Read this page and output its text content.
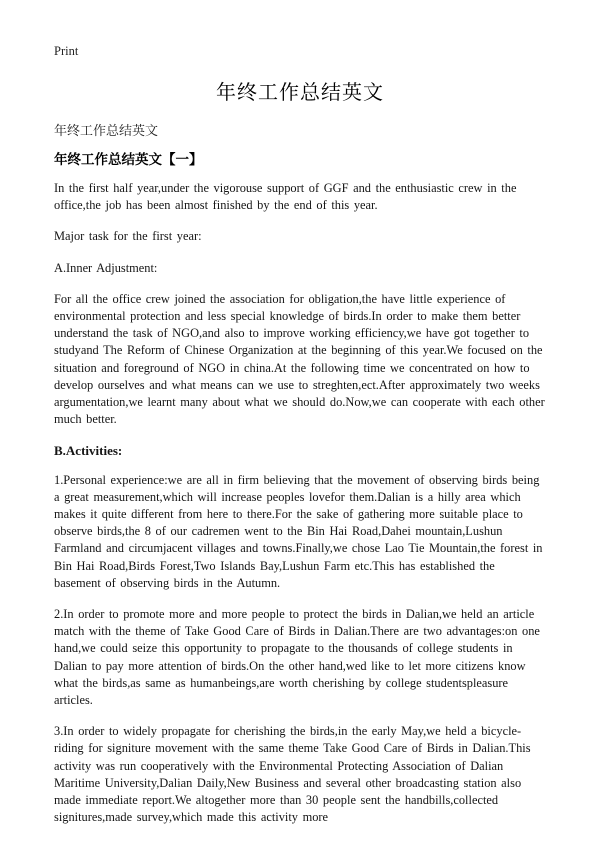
Print
年终工作总结英文
年终工作总结英文
年终工作总结英文【一】

In the first half year,under the vigorouse support of GGF and the enthusiastic crew in the office,the job has been almost finished by the end of this year.

Major task for the first year:

A.Inner Adjustment:

For all the office crew joined the association for obligation,the have little experience of environmental protection and less special knowledge of birds.In order to make them better understand the task of NGO,and also to improve working efficiency,we have got together to studyand The Reform of Chinese Organization at the beginning of this year.We focused on the situation and foreground of NGO in china.At the following time we concentrated on how to develop ourselves and what means can we use to streghten,ect.After approximately two weeks argumentation,we learnt many about what we should do.Now,we can cooperate with each other much better.

B.Activities:

1.Personal experience:we are all in firm believing that the movement of observing birds being a great measurement,which will increase peoples lovefor them.Dalian is a hilly area which makes it quite different from here to there.For the sake of gathering more suitable place to observe birds,the 8 of our cadremen went to the Bin Hai Road,Dahei mountain,Lushun Farmland and circumjacent villages and towns.Finally,we chose Lao Tie Mountain,the forest in Bin Hai Road,Birds Forest,Two Islands Bay,Lushun Farm etc.This has established the basement of observing birds in the Autumn.

2.In order to promote more and more people to protect the birds in Dalian,we held an article match with the theme of Take Good Care of Birds in Dalian.There are two advantages:on one hand,we could seize this opportunity to propagate to the thousands of college students in Dalian to pay more attention of birds.On the other hand,wed like to let more citizens know what the birds,as same as humanbeings,are worth cherishing by college studentspleasure articles.

3.In order to widely propagate for cherishing the birds,in the early May,we held a bicycle-riding for signiture movement with the same theme Take Good Care of Birds in Dalian.This activity was run cooperatively with the Environmental Protecting Association of Dalian Maritime University,Dalian Daily,New Business and several other broadcasting station also made immediate report.We altogether more than 30 people sent the handbills,collected signitures,made survey,which made this activity more
